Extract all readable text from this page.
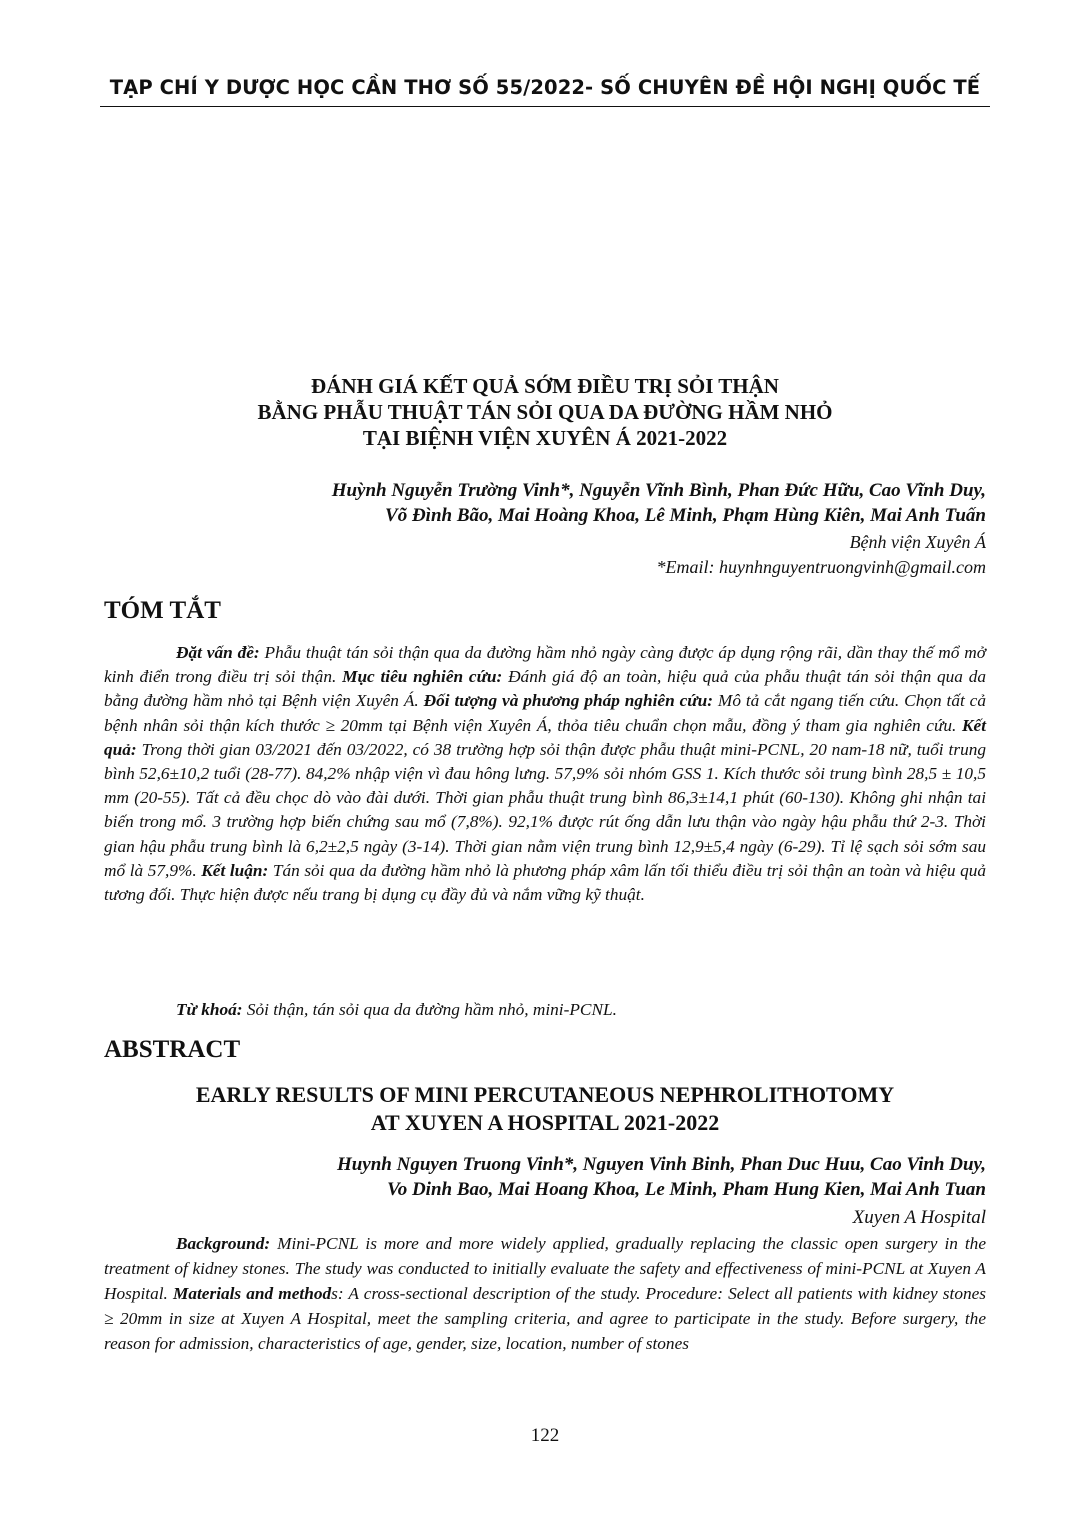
TẠP CHÍ Y DƯỢC HỌC CẦN THƠ SỐ 55/2022- SỐ CHUYÊN ĐỀ HỘI NGHỊ QUỐC TẾ
ĐÁNH GIÁ KẾT QUẢ SỚM ĐIỀU TRỊ SỎI THẬN
BẰNG PHẪU THUẬT TÁN SỎI QUA DA ĐƯỜNG HẦM NHỎ
TẠI BIỆNH VIỆN XUYÊN Á 2021-2022
Huỳnh Nguyễn Trường Vinh*, Nguyễn Vĩnh Bình, Phan Đức Hữu, Cao Vĩnh Duy,
Võ Đình Bão, Mai Hoàng Khoa, Lê Minh, Phạm Hùng Kiên, Mai Anh Tuấn
Bệnh viện Xuyên Á
*Email: huynhnguyentruongvinh@gmail.com
TÓM TẮT

Đặt vấn đề: Phẫu thuật tán sỏi thận qua da đường hầm nhỏ ngày càng được áp dụng rộng rãi, dần thay thế mổ mở kinh điển trong điều trị sỏi thận. Mục tiêu nghiên cứu: Đánh giá độ an toàn, hiệu quả của phẫu thuật tán sỏi thận qua da bằng đường hầm nhỏ tại Bệnh viện Xuyên Á. Đối tượng và phương pháp nghiên cứu: Mô tả cắt ngang tiến cứu. Chọn tất cả bệnh nhân sỏi thận kích thước ≥ 20mm tại Bệnh viện Xuyên Á, thỏa tiêu chuẩn chọn mẫu, đồng ý tham gia nghiên cứu. Kết quả: Trong thời gian 03/2021 đến 03/2022, có 38 trường hợp sỏi thận được phẫu thuật mini-PCNL, 20 nam-18 nữ, tuổi trung bình 52,6±10,2 tuổi (28-77). 84,2% nhập viện vì đau hông lưng. 57,9% sỏi nhóm GSS 1. Kích thước sỏi trung bình 28,5 ± 10,5 mm (20-55). Tất cả đều chọc dò vào đài dưới. Thời gian phẫu thuật trung bình 86,3±14,1 phút (60-130). Không ghi nhận tai biến trong mổ. 3 trường hợp biến chứng sau mổ (7,8%). 92,1% được rút ống dẫn lưu thận vào ngày hậu phẫu thứ 2-3. Thời gian hậu phẫu trung bình là 6,2±2,5 ngày (3-14). Thời gian nằm viện trung bình 12,9±5,4 ngày (6-29). Tỉ lệ sạch sỏi sớm sau mổ là 57,9%. Kết luận: Tán sỏi qua da đường hầm nhỏ là phương pháp xâm lấn tối thiểu điều trị sỏi thận an toàn và hiệu quả tương đối. Thực hiện được nếu trang bị dụng cụ đầy đủ và nắm vững kỹ thuật.

Từ khoá: Sỏi thận, tán sỏi qua da đường hầm nhỏ, mini-PCNL.
ABSTRACT
EARLY RESULTS OF MINI PERCUTANEOUS NEPHROLITHOTOMY
AT XUYEN A HOSPITAL 2021-2022
Huynh Nguyen Truong Vinh*, Nguyen Vinh Binh, Phan Duc Huu, Cao Vinh Duy,
Vo Dinh Bao, Mai Hoang Khoa, Le Minh, Pham Hung Kien, Mai Anh Tuan
Xuyen A Hospital

Background: Mini-PCNL is more and more widely applied, gradually replacing the classic open surgery in the treatment of kidney stones. The study was conducted to initially evaluate the safety and effectiveness of mini-PCNL at Xuyen A Hospital. Materials and methods: A cross-sectional description of the study. Procedure: Select all patients with kidney stones ≥ 20mm in size at Xuyen A Hospital, meet the sampling criteria, and agree to participate in the study. Before surgery, the reason for admission, characteristics of age, gender, size, location, number of stones

122
